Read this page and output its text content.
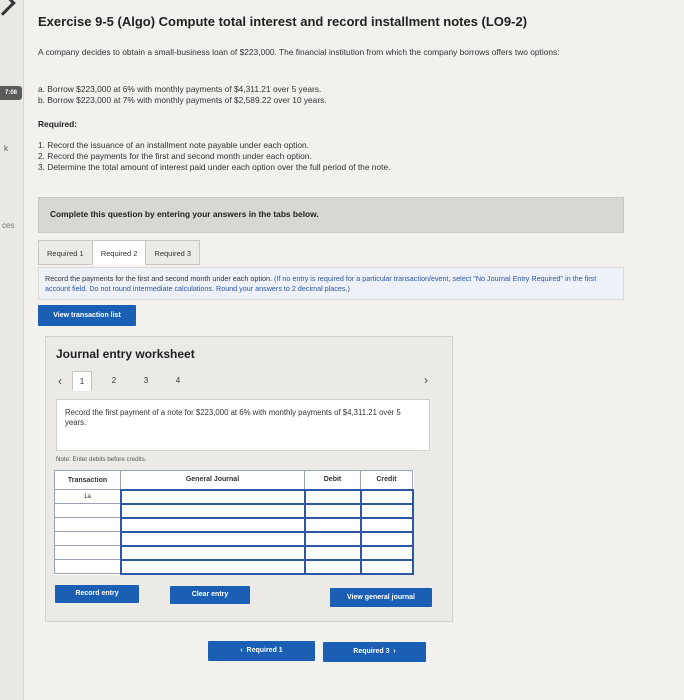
7:08
k
ces
Exercise 9-5 (Algo) Compute total interest and record installment notes (LO9-2)
A company decides to obtain a small-business loan of $223,000. The financial institution from which the company borrows offers two options:
a. Borrow $223,000 at 6% with monthly payments of $4,311.21 over 5 years.
b. Borrow $223,000 at 7% with monthly payments of $2,589.22 over 10 years.
Required:
1. Record the issuance of an installment note payable under each option.
2. Record the payments for the first and second month under each option.
3. Determine the total amount of interest paid under each option over the full period of the note.
Complete this question by entering your answers in the tabs below.
Required 1	Required 2	Required 3
Record the payments for the first and second month under each option. (If no entry is required for a particular transaction/event, select "No Journal Entry Required" in the first account field. Do not round intermediate calculations. Round your answers to 2 decimal places.)
View transaction list
Journal entry worksheet
‹	1	2	3	4	›
Record the first payment of a note for $223,000 at 6% with monthly payments of $4,311.21 over 5 years.
Note: Enter debits before credits.
Transaction	General Journal	Debit	Credit
1a			

Record entry	Clear entry	View general journal
‹  Required 1	Required 3  ›
